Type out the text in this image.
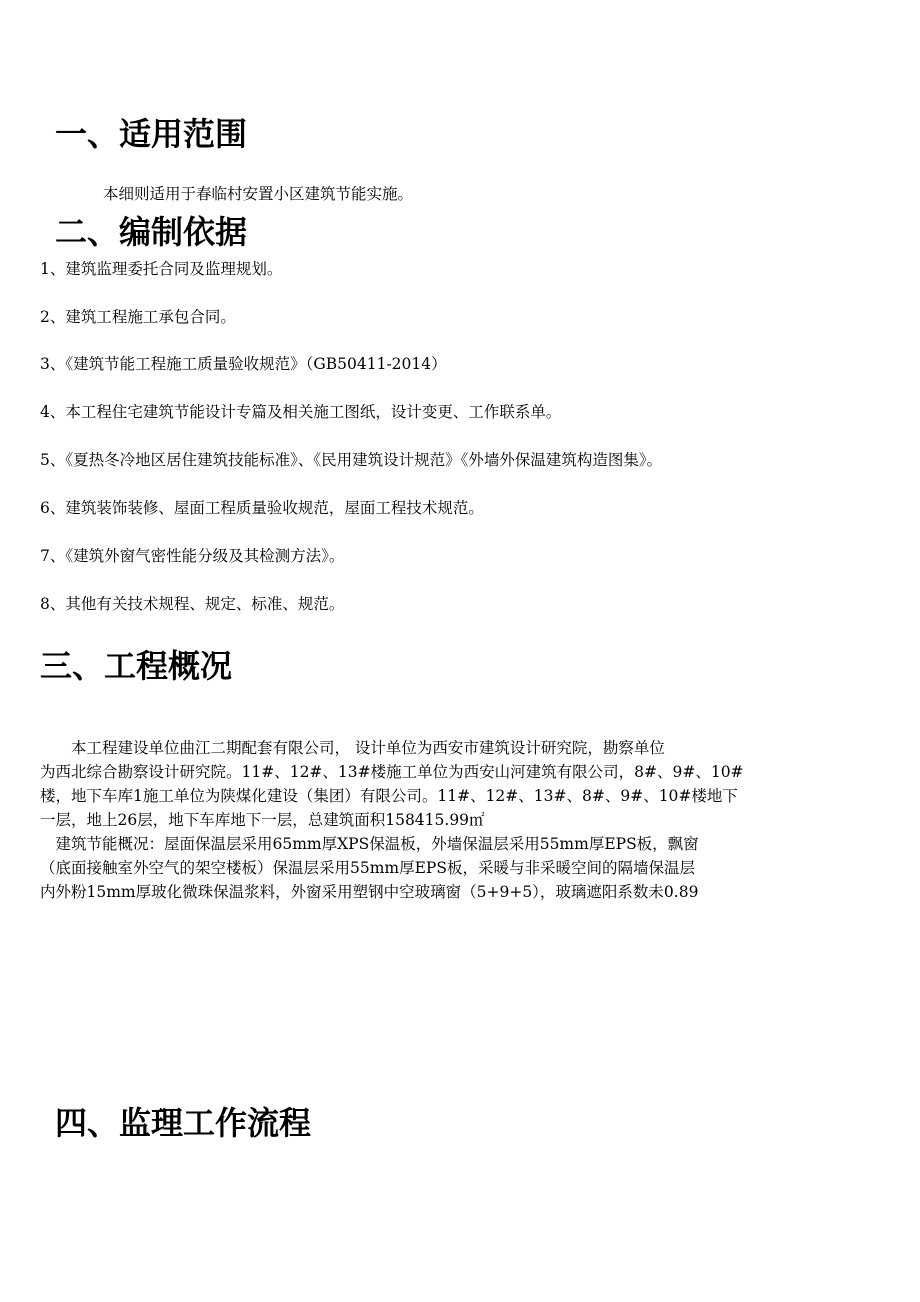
一、适用范围

本细则适用于春临村安置小区建筑节能实施。

二、编制依据

1、建筑监理委托合同及监理规划。

2、建筑工程施工承包合同。

3、《建筑节能工程施工质量验收规范》（GB50411-2014）

4、本工程住宅建筑节能设计专篇及相关施工图纸，设计变更、工作联系单。

5、《夏热冬冷地区居住建筑技能标准》、《民用建筑设计规范》《外墙外保温建筑构造图集》。

6、建筑装饰装修、屋面工程质量验收规范，屋面工程技术规范。

7、《建筑外窗气密性能分级及其检测方法》。

8、其他有关技术规程、规定、标准、规范。

三、工程概况
　　本工程建设单位曲江二期配套有限公司， 设计单位为西安市建筑设计研究院，勘察单位
为西北综合勘察设计研究院。11#、12#、13#楼施工单位为西安山河建筑有限公司，8#、9#、10#
楼，地下车库1施工单位为陕煤化建设（集团）有限公司。11#、12#、13#、8#、9#、10#楼地下
一层，地上26层，地下车库地下一层，总建筑面积158415.99㎡
　建筑节能概况：屋面保温层采用65mm厚XPS保温板，外墙保温层采用55mm厚EPS板，飘窗
（底面接触室外空气的架空楼板）保温层采用55mm厚EPS板，采暖与非采暖空间的隔墙保温层
内外粉15mm厚玻化微珠保温浆料，外窗采用塑钢中空玻璃窗（5+9+5），玻璃遮阳系数未0.89
四、监理工作流程
